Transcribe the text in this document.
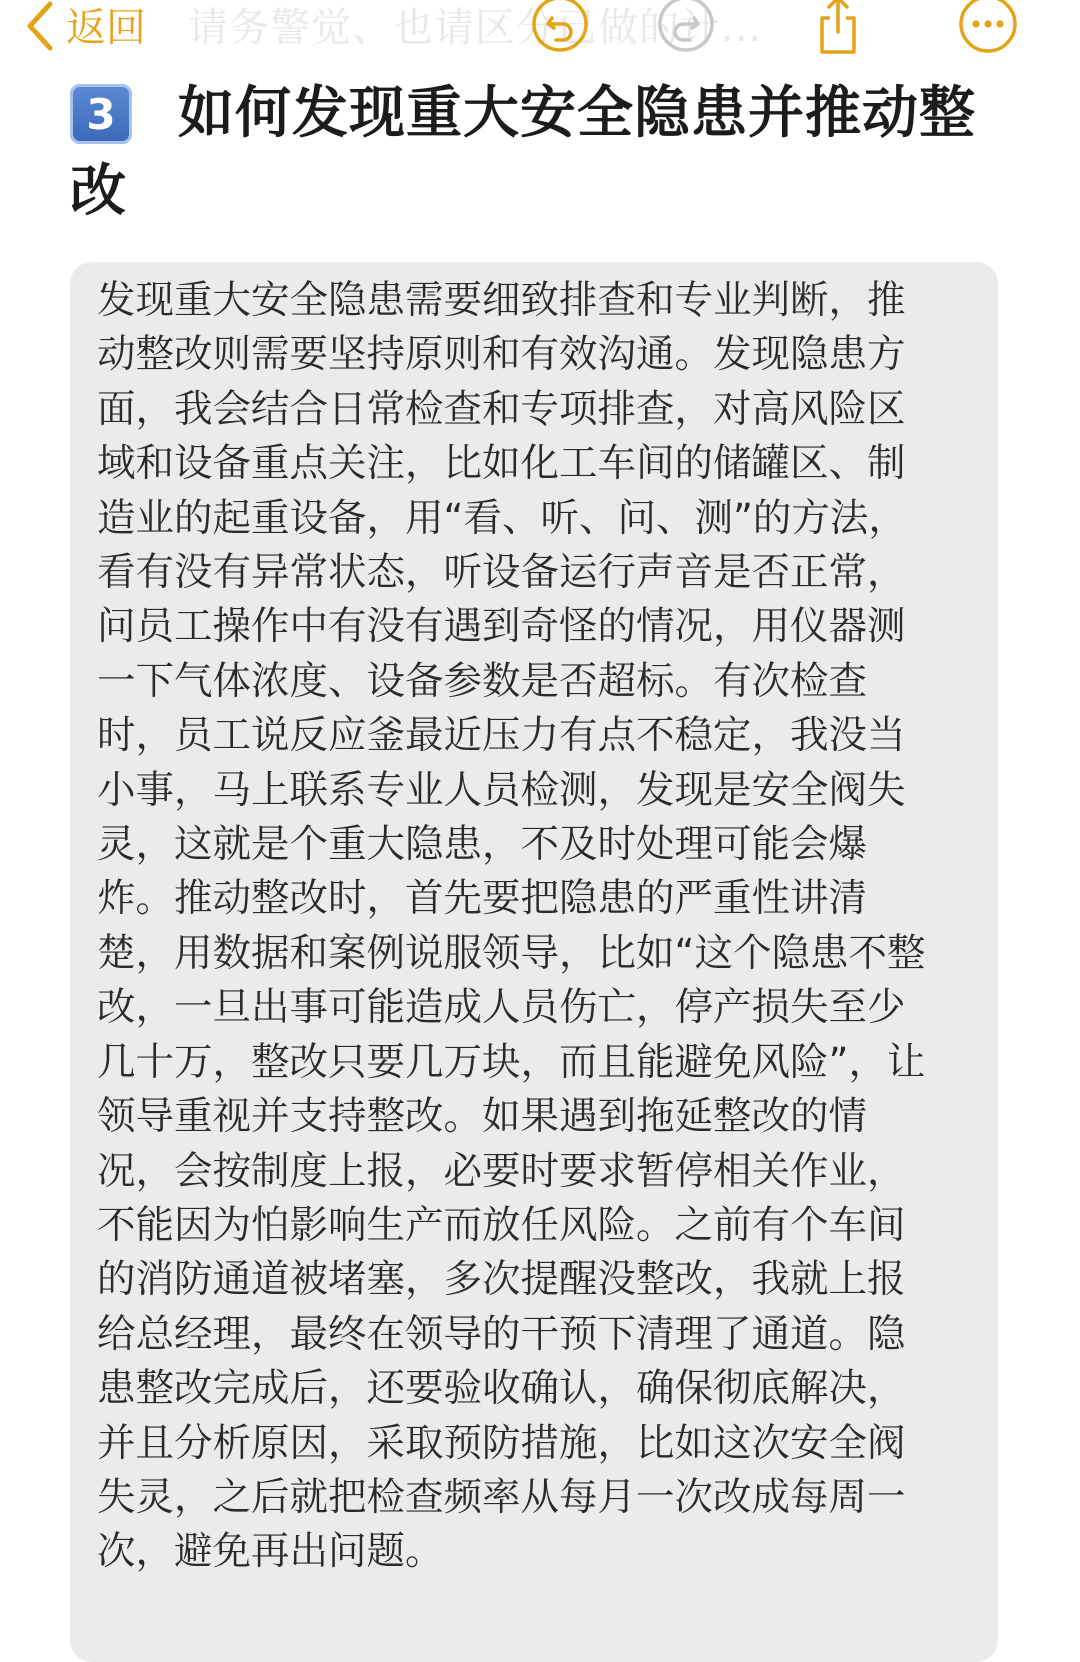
返回 请务警觉、也请区分已做的计...
3 如何发现重大安全隐患并推动整
改
发现重大安全隐患需要细致排查和专业判断，推
动整改则需要坚持原则和有效沟通。发现隐患方
面，我会结合日常检查和专项排查，对高风险区
域和设备重点关注，比如化工车间的储罐区、制
造业的起重设备，用“看、听、问、测”的方法，
看有没有异常状态，听设备运行声音是否正常，
问员工操作中有没有遇到奇怪的情况，用仪器测
一下气体浓度、设备参数是否超标。有次检查
时，员工说反应釜最近压力有点不稳定，我没当
小事，马上联系专业人员检测，发现是安全阀失
灵，这就是个重大隐患，不及时处理可能会爆
炸。推动整改时，首先要把隐患的严重性讲清
楚，用数据和案例说服领导，比如“这个隐患不整
改，一旦出事可能造成人员伤亡，停产损失至少
几十万，整改只要几万块，而且能避免风险”，让
领导重视并支持整改。如果遇到拖延整改的情
况，会按制度上报，必要时要求暂停相关作业，
不能因为怕影响生产而放任风险。之前有个车间
的消防通道被堵塞，多次提醒没整改，我就上报
给总经理，最终在领导的干预下清理了通道。隐
患整改完成后，还要验收确认，确保彻底解决，
并且分析原因，采取预防措施，比如这次安全阀
失灵，之后就把检查频率从每月一次改成每周一
次，避免再出问题。
